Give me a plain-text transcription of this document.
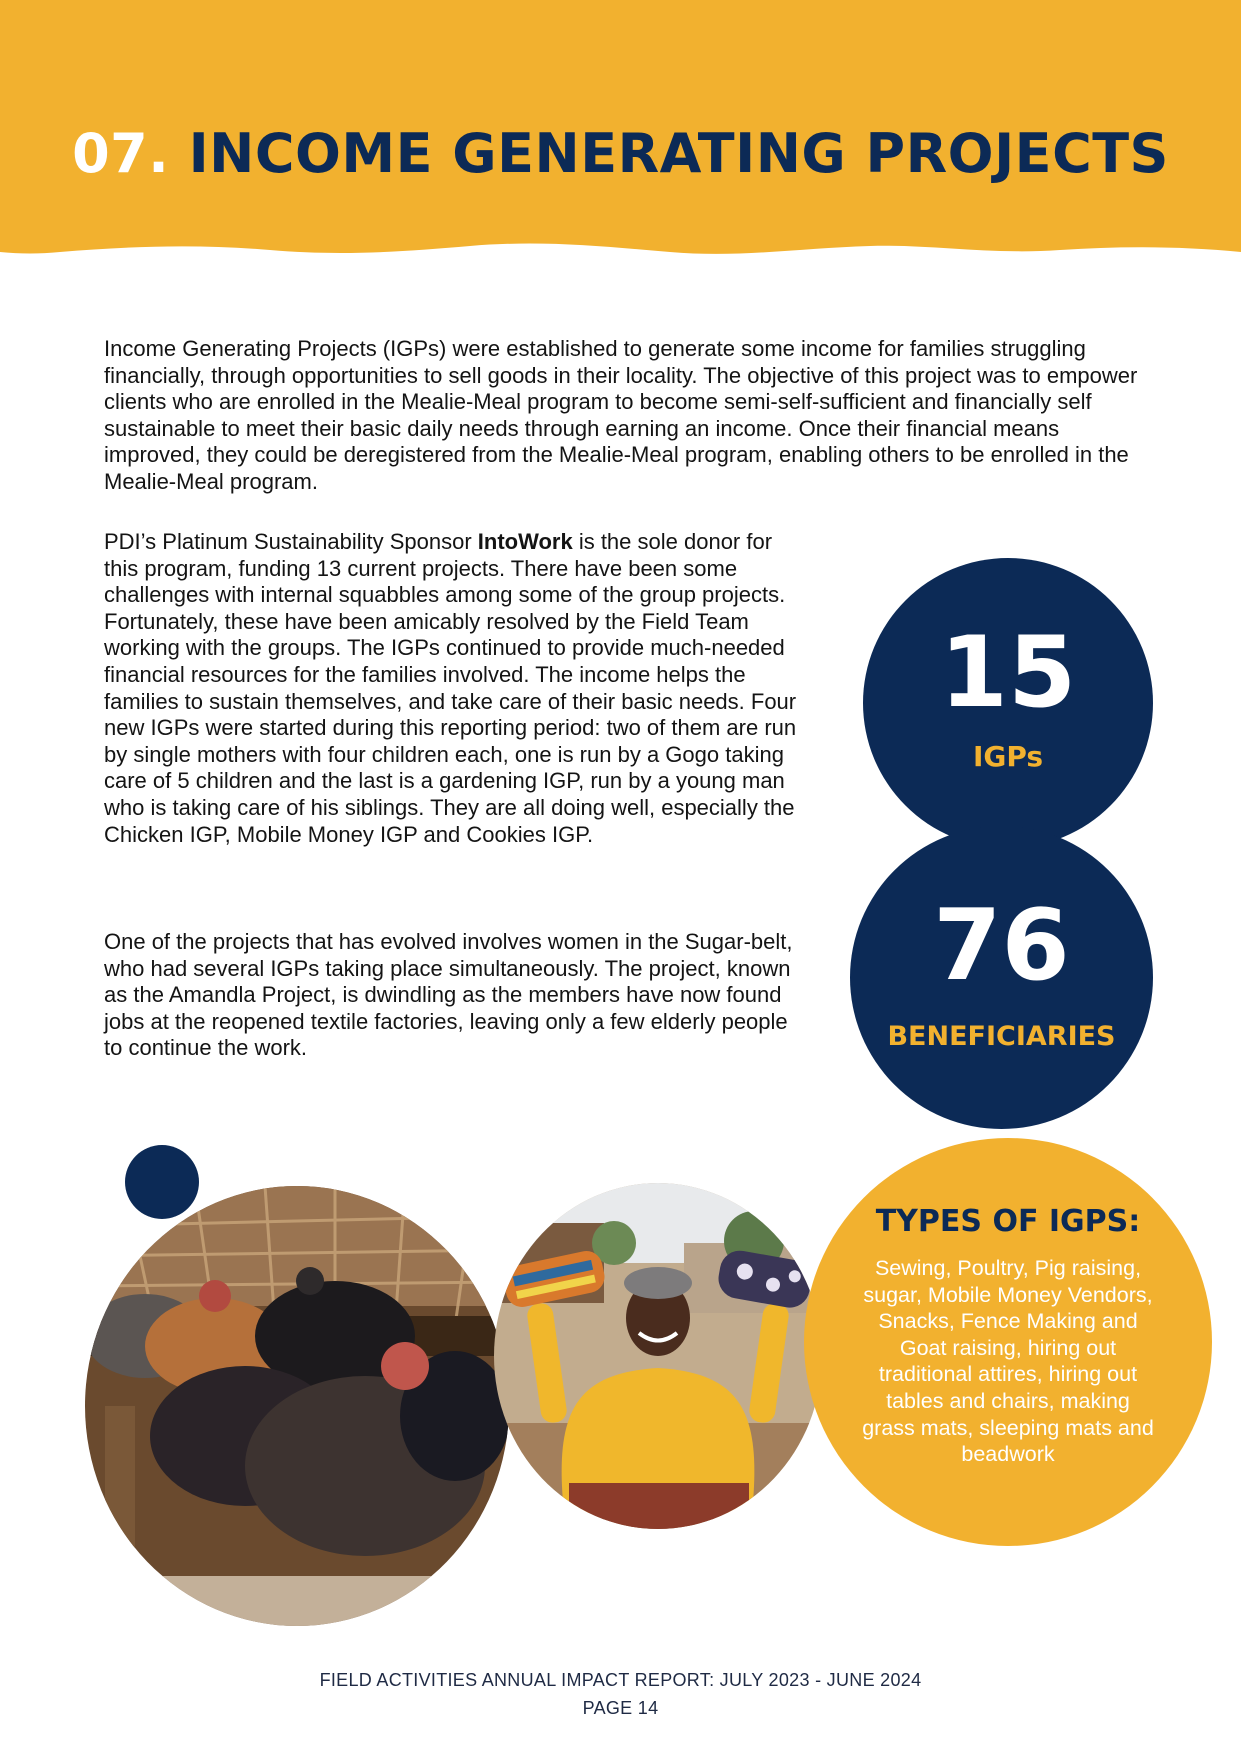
07. INCOME GENERATING PROJECTS

Income Generating Projects (IGPs) were established to generate some income for families struggling financially, through opportunities to sell goods in their locality. The objective of this project was to empower clients who are enrolled in the Mealie-Meal program to become semi-self-sufficient and financially self sustainable to meet their basic daily needs through earning an income. Once their financial means improved, they could be deregistered from the Mealie-Meal program, enabling others to be enrolled in the Mealie-Meal program.

PDI’s Platinum Sustainability Sponsor IntoWork is the sole donor for this program, funding 13 current projects. There have been some challenges with internal squabbles among some of the group projects. Fortunately, these have been amicably resolved by the Field Team working with the groups. The IGPs continued to provide much-needed financial resources for the families involved. The income helps the families to sustain themselves, and take care of their basic needs. Four new IGPs were started during this reporting period: two of them are run by single mothers with four children each, one is run by a Gogo taking care of 5 children and the last is a gardening IGP, run by a young man who is taking care of his siblings. They are all doing well, especially the Chicken IGP, Mobile Money IGP and Cookies IGP.

One of the projects that has evolved involves women in the Sugar-belt, who had several IGPs taking place simultaneously. The project, known as the Amandla Project, is dwindling as the members have now found jobs at the reopened textile factories, leaving only a few elderly people to continue the work.

15
IGPs
76
BENEFICIARIES
TYPES OF IGPS:
Sewing, Poultry, Pig raising, sugar, Mobile Money Vendors, Snacks, Fence Making and Goat raising, hiring out traditional attires, hiring out tables and chairs, making grass mats, sleeping mats and beadwork
FIELD ACTIVITIES ANNUAL IMPACT REPORT: JULY 2023 - JUNE 2024
PAGE 14
